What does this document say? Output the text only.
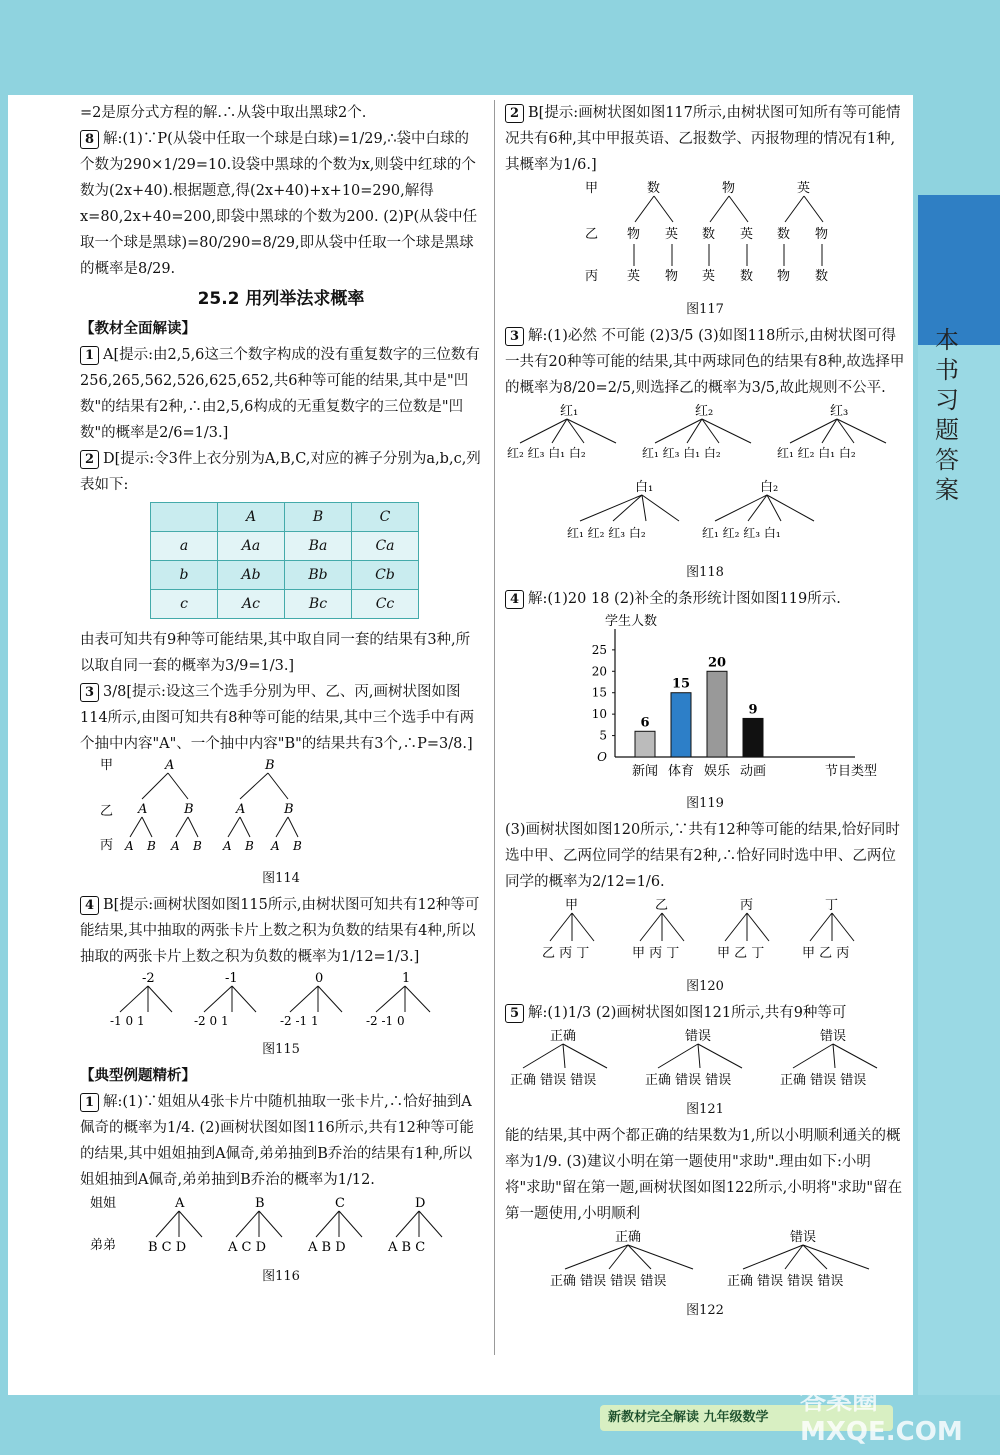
本书习题答案

=2是原分式方程的解.∴从袋中取出黑球2个.

8 解:(1)∵P(从袋中任取一个球是白球)=1/29,∴袋中白球的个数为290×1/29=10.设袋中黑球的个数为x,则袋中红球的个数为(2x+40).根据题意,得(2x+40)+x+10=290,解得x=80,2x+40=200,即袋中黑球的个数为200. (2)P(从袋中任取一个球是黑球)=80/290=8/29,即从袋中任取一个球是黑球的概率是8/29.

25.2 用列举法求概率
【教材全面解读】

1 A[提示:由2,5,6这三个数字构成的没有重复数字的三位数有256,265,562,526,625,652,共6种等可能的结果,其中是"凹数"的结果有2种,∴由2,5,6构成的无重复数字的三位数是"凹数"的概率是2/6=1/3.]

2 D[提示:令3件上衣分别为A,B,C,对应的裤子分别为a,b,c,列表如下:

	A	B	C
a	Aa	Ba	Ca
b	Ab	Bb	Cb
c	Ac	Bc	Cc

由表可知共有9种等可能结果,其中取自同一套的结果有3种,所以取自同一套的概率为3/9=1/3.]

3 3/8[提示:设这三个选手分别为甲、乙、丙,画树状图如图114所示,由图可知共有8种等可能的结果,其中三个选手中有两个抽中内容"A"、一个抽中内容"B"的结果共有3个,∴P=3/8.]

甲
乙
丙
A	B
A	B	A	B
A B A B A B A B
图114

4 B[提示:画树状图如图115所示,由树状图可知共有12种等可能结果,其中抽取的两张卡片上数之积为负数的结果有4种,所以抽取的两张卡片上数之积为负数的概率为1/12=1/3.]

-2	-1	0	1
-1 0 1	-2 0 1	-2 -1 1	-2 -1 0
图115
【典型例题精析】

1 解:(1)∵姐姐从4张卡片中随机抽取一张卡片,∴恰好抽到A佩奇的概率为1/4. (2)画树状图如图116所示,共有12种等可能的结果,其中姐姐抽到A佩奇,弟弟抽到B乔治的结果有1种,所以姐姐抽到A佩奇,弟弟抽到B乔治的概率为1/12.

姐姐
弟弟
A	B	C	D
B C D	A C D	A B D	A B C
图116

2 B[提示:画树状图如图117所示,由树状图可知所有等可能情况共有6种,其中甲报英语、乙报数学、丙报物理的情况有1种,其概率为1/6.]

甲
乙
丙
数	物	英
物 英 数 英 数 物
英 物 英 数 物 数
图117

3 解:(1)必然 不可能 (2)3/5 (3)如图118所示,由树状图可得一共有20种等可能的结果,其中两球同色的结果有8种,故选择甲的概率为8/20=2/5,则选择乙的概率为3/5,故此规则不公平.

红₁	红₂	红₃
红₂ 红₃ 白₁ 白₂	红₁ 红₃ 白₁ 白₂	红₁ 红₂ 白₁ 白₂
白₁	白₂
红₁ 红₂ 红₃ 白₂	红₁ 红₂ 红₃ 白₁
图118

4 解:(1)20 18 (2)补全的条形统计图如图119所示.

学生人数
节目类型
O
5
10
15
20
25
6
新闻
15
体育
20
娱乐
9
动画
图119

(3)画树状图如图120所示,∵共有12种等可能的结果,恰好同时选中甲、乙两位同学的结果有2种,∴恰好同时选中甲、乙两位同学的概率为2/12=1/6.

甲	乙	丙	丁
乙 丙 丁	甲 丙 丁	甲 乙 丁	甲 乙 丙
图120

5 解:(1)1/3 (2)画树状图如图121所示,共有9种等可

正确	错误	错误
正确 错误 错误	正确 错误 错误	正确 错误 错误
图121

能的结果,其中两个都正确的结果数为1,所以小明顺利通关的概率为1/9. (3)建议小明在第一题使用"求助".理由如下:小明将"求助"留在第一题,画树状图如图122所示,小明将"求助"留在第一题使用,小明顺利

正确	错误
正确 错误 错误 错误	正确 错误 错误 错误
图122
新教材完全解读 九年级数学
答案圈 MXQE.COM
